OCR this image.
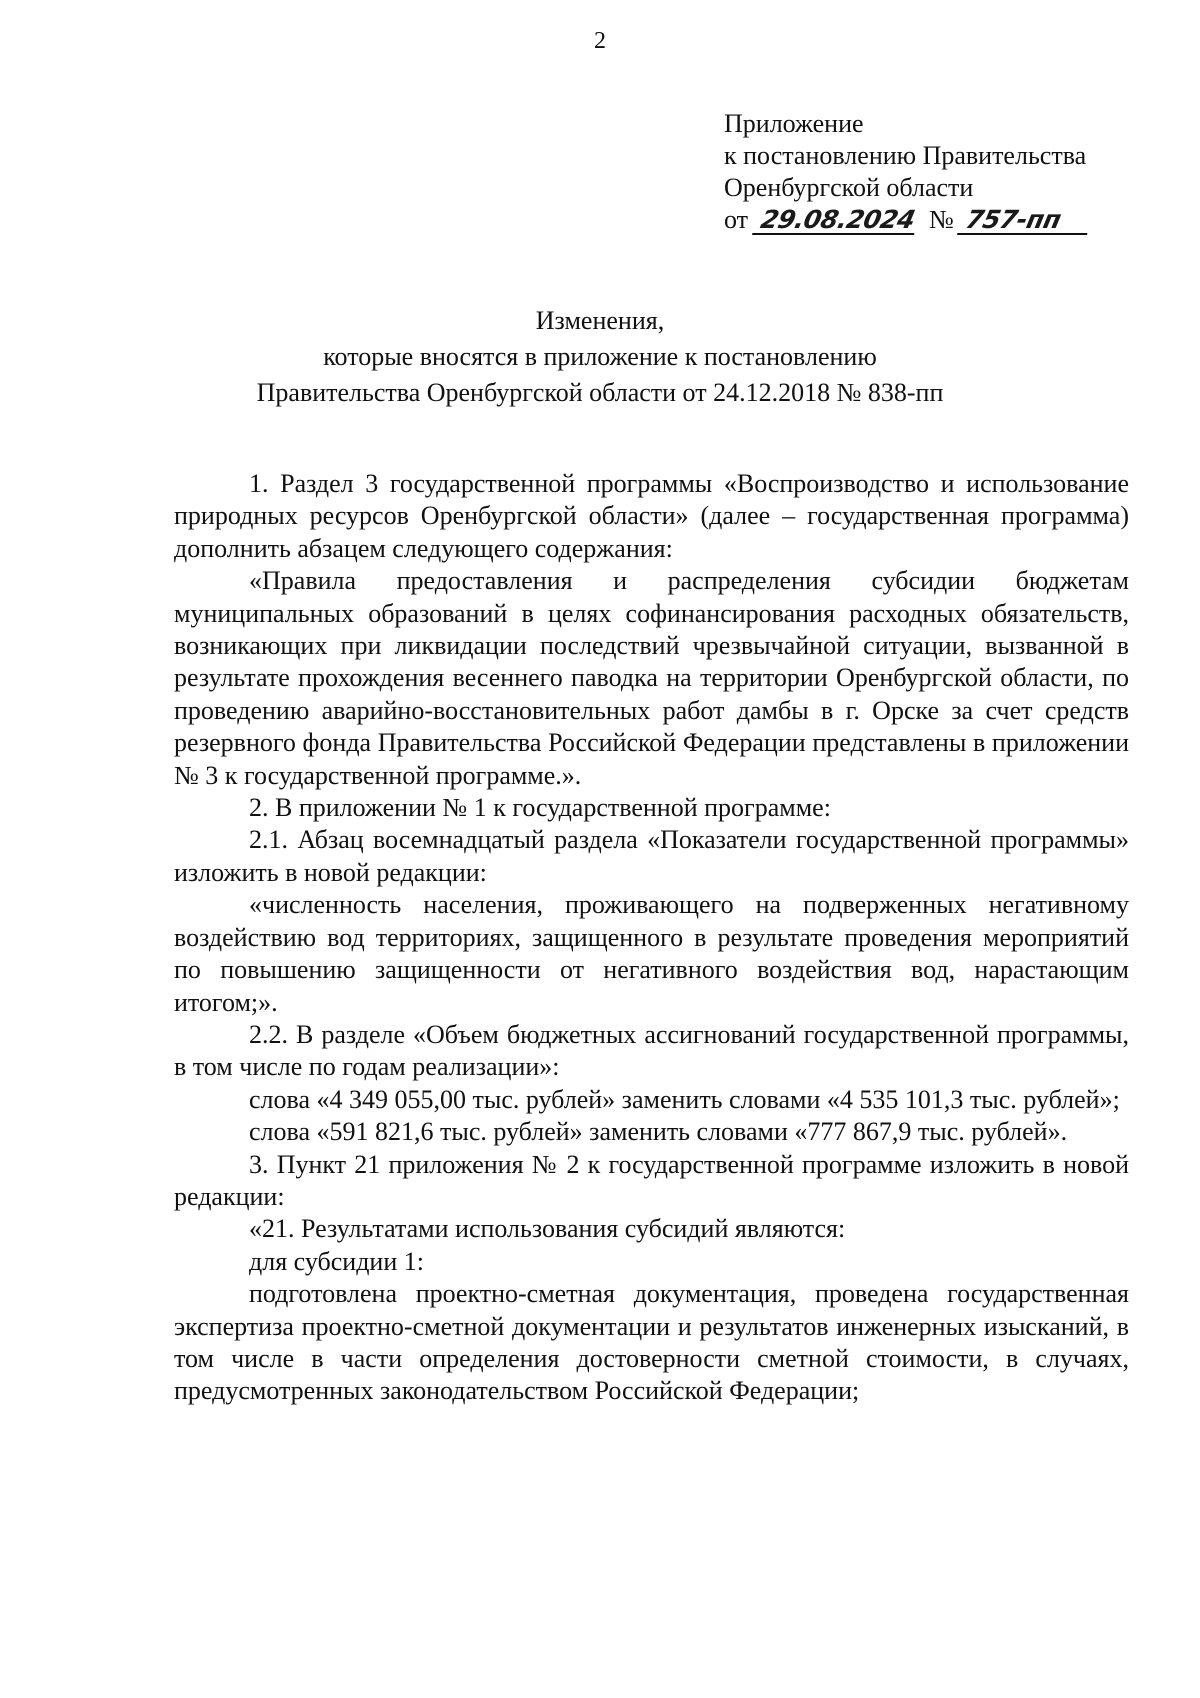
2
Приложение
к постановлению Правительства
Оренбургской области
от 29.08.2024 № 757-пп
Изменения,
которые вносятся в приложение к постановлению
Правительства Оренбургской области от 24.12.2018 № 838-пп

1. Раздел 3 государственной программы «Воспроизводство и использование природных ресурсов Оренбургской области» (далее – государственная программа) дополнить абзацем следующего содержания:

«Правила предоставления и распределения субсидии бюджетам муниципальных образований в целях софинансирования расходных обязательств, возникающих при ликвидации последствий чрезвычайной ситуации, вызванной в результате прохождения весеннего паводка на территории Оренбургской области, по проведению аварийно-восстановительных работ дамбы в г. Орске за счет средств резервного фонда Правительства Российской Федерации представлены в приложении № 3 к государственной программе.».

2. В приложении № 1 к государственной программе:

2.1. Абзац восемнадцатый раздела «Показатели государственной программы» изложить в новой редакции:

«численность населения, проживающего на подверженных негативному воздействию вод территориях, защищенного в результате проведения мероприятий по повышению защищенности от негативного воздействия вод, нарастающим итогом;».

2.2. В разделе «Объем бюджетных ассигнований государственной программы, в том числе по годам реализации»:

слова «4 349 055,00 тыс. рублей» заменить словами «4 535 101,3 тыс. рублей»;

слова «591 821,6 тыс. рублей» заменить словами «777 867,9 тыс. рублей».

3. Пункт 21 приложения № 2 к государственной программе изложить в новой редакции:

«21. Результатами использования субсидий являются:

для субсидии 1:

подготовлена проектно-сметная документация, проведена государственная экспертиза проектно-сметной документации и результатов инженерных изысканий, в том числе в части определения достоверности сметной стоимости, в случаях, предусмотренных законодательством Российской Федерации;
